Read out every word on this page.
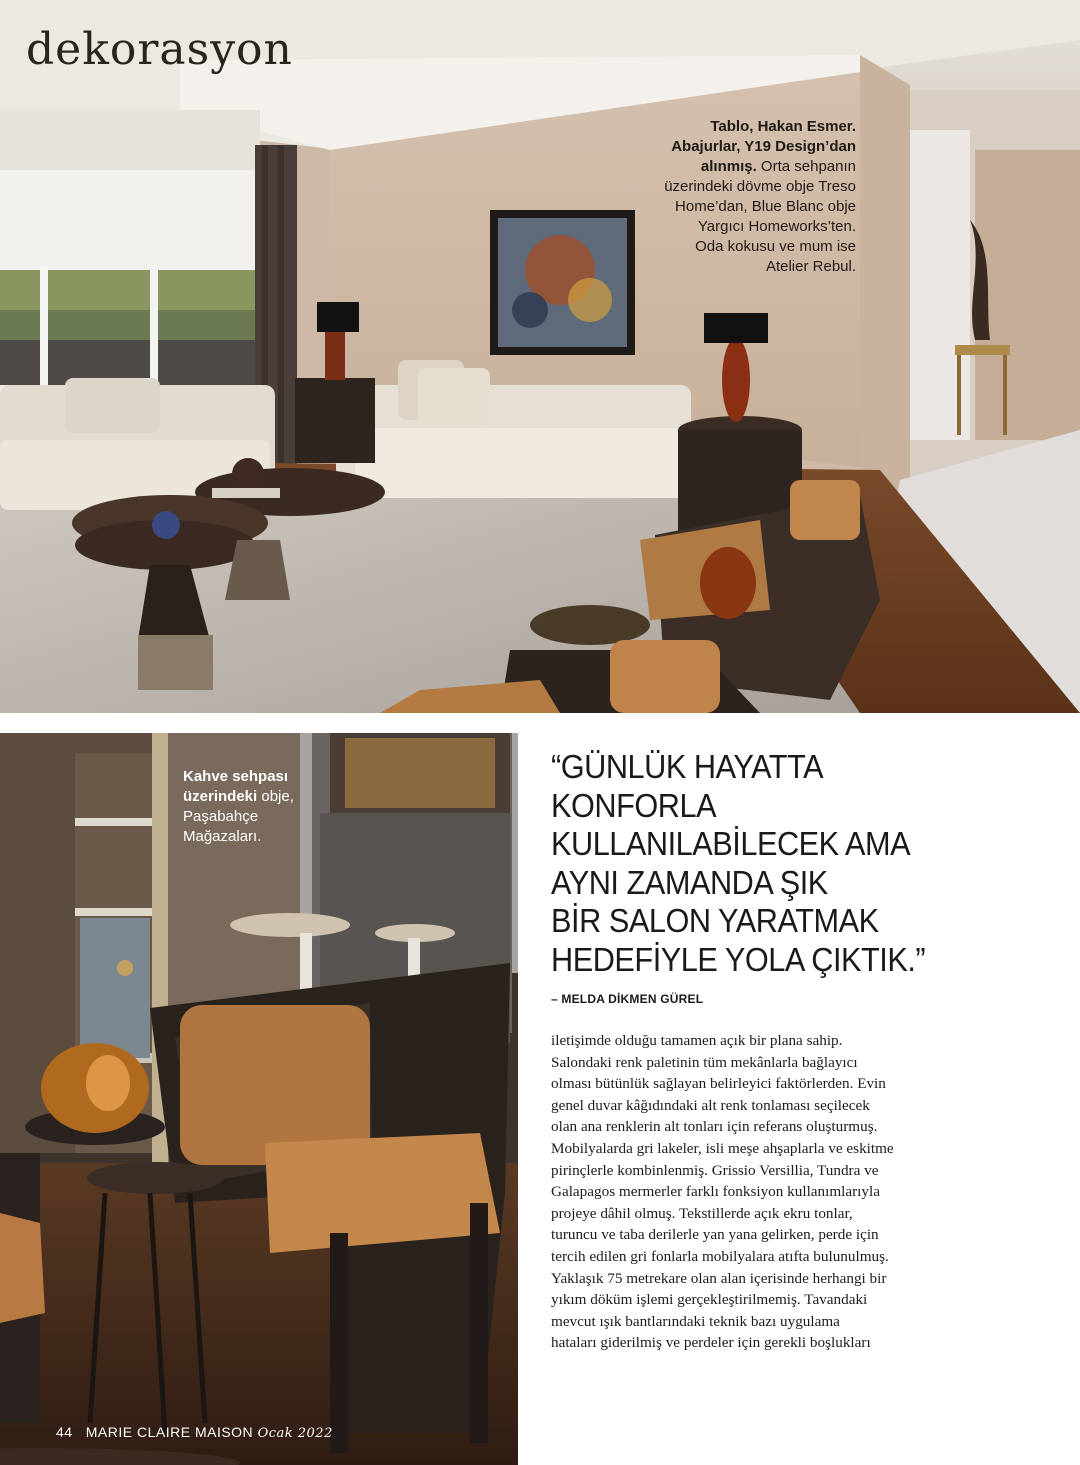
dekorasyon
Tablo, Hakan Esmer.
Abajurlar, Y19 Design’dan
alınmış. Orta sehpanın
üzerindeki dövme obje Treso
Home’dan, Blue Blanc obje
Yargıcı Homeworks’ten.
Oda kokusu ve mum ise
Atelier Rebul.
Kahve sehpası
üzerindeki obje,
Paşabahçe
Mağazaları.
44 MARIE CLAIRE MAISON Ocak 2022
“GÜNLÜK HAYATTA
KONFORLA
KULLANILABİLECEK AMA
AYNI ZAMANDA ŞIK
BİR SALON YARATMAK
HEDEFİYLE YOLA ÇIKTIK.”
– MELDA DİKMEN GÜREL
iletişimde olduğu tamamen açık bir plana sahip.
Salondaki renk paletinin tüm mekânlarla bağlayıcı
olması bütünlük sağlayan belirleyici faktörlerden. Evin
genel duvar kâğıdındaki alt renk tonlaması seçilecek
olan ana renklerin alt tonları için referans oluşturmuş.
Mobilyalarda gri lakeler, isli meşe ahşaplarla ve eskitme
pirinçlerle kombinlenmiş. Grissio Versillia, Tundra ve
Galapagos mermerler farklı fonksiyon kullanımlarıyla
projeye dâhil olmuş. Tekstillerde açık ekru tonlar,
turuncu ve taba derilerle yan yana gelirken, perde için
tercih edilen gri fonlarla mobilyalara atıfta bulunulmuş.
Yaklaşık 75 metrekare olan alan içerisinde herhangi bir
yıkım döküm işlemi gerçekleştirilmemiş. Tavandaki
mevcut ışık bantlarındaki teknik bazı uygulama
hataları giderilmiş ve perdeler için gerekli boşlukları
